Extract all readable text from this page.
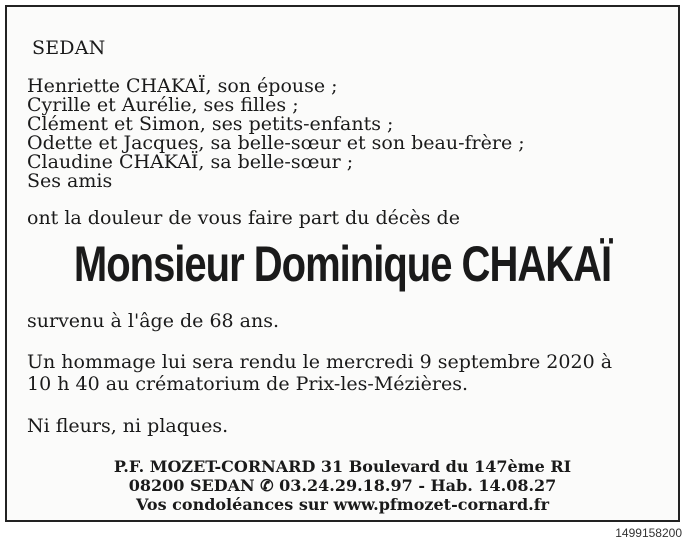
SEDAN
Henriette CHAKAÏ, son épouse ;
Cyrille et Aurélie, ses filles ;
Clément et Simon, ses petits-enfants ;
Odette et Jacques, sa belle-sœur et son beau-frère ;
Claudine CHAKAÏ, sa belle-sœur ;
Ses amis
ont la douleur de vous faire part du décès de
Monsieur Dominique CHAKAÏ
survenu à l'âge de 68 ans.
Un hommage lui sera rendu le mercredi 9 septembre 2020 à
10 h 40 au crématorium de Prix-les-Mézières.
Ni fleurs, ni plaques.
P.F. MOZET-CORNARD 31 Boulevard du 147ème RI
08200 SEDAN ✆ 03.24.29.18.97 - Hab. 14.08.27
Vos condoléances sur www.pfmozet-cornard.fr
1499158200
